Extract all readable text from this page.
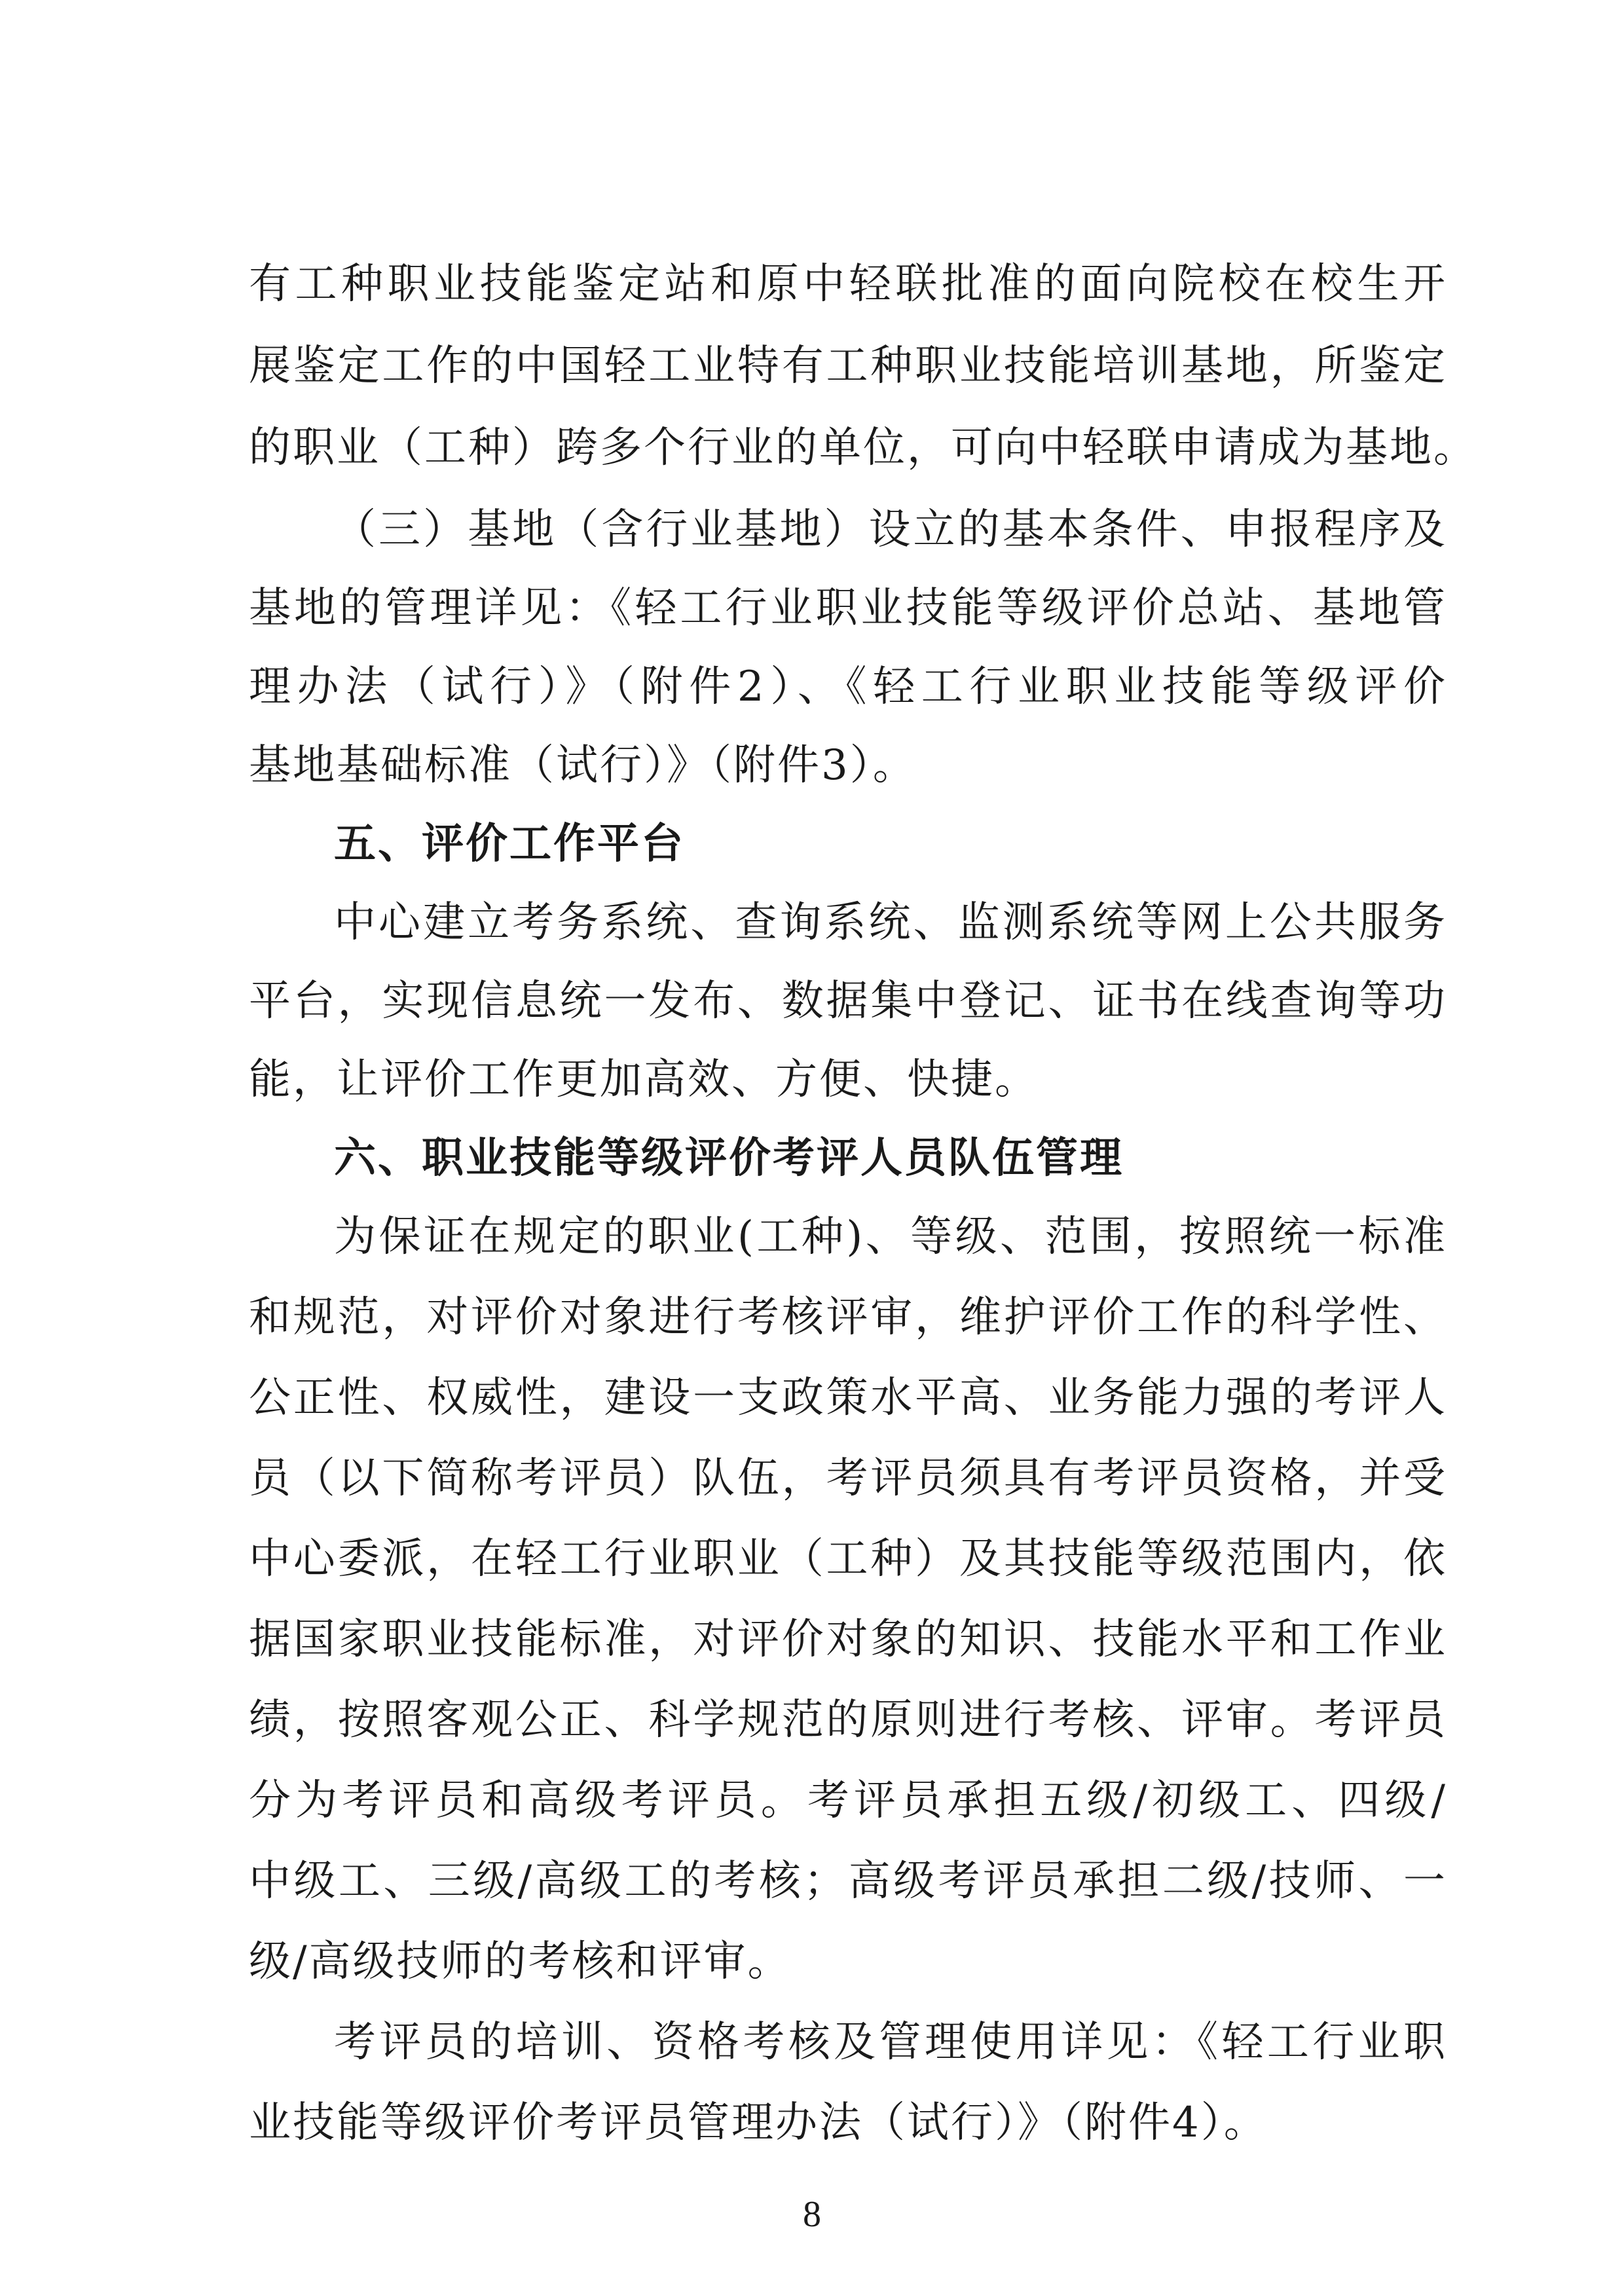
有工种职业技能鉴定站和原中轻联批准的面向院校在校生开
展鉴定工作的中国轻工业特有工种职业技能培训基地，所鉴定
的职业（工种）跨多个行业的单位，可向中轻联申请成为基地。
（三）基地（含行业基地）设立的基本条件、申报程序及
基地的管理详见：《轻工行业职业技能等级评价总站、基地管
理办法（试行）》（附件2）、《轻工行业职业技能等级评价
基地基础标准（试行）》（附件3）。
五、评价工作平台
中心建立考务系统、查询系统、监测系统等网上公共服务
平台，实现信息统一发布、数据集中登记、证书在线查询等功
能，让评价工作更加高效、方便、快捷。
六、职业技能等级评价考评人员队伍管理
为保证在规定的职业(工种)、等级、范围，按照统一标准
和规范，对评价对象进行考核评审，维护评价工作的科学性、
公正性、权威性，建设一支政策水平高、业务能力强的考评人
员（以下简称考评员）队伍，考评员须具有考评员资格，并受
中心委派，在轻工行业职业（工种）及其技能等级范围内，依
据国家职业技能标准，对评价对象的知识、技能水平和工作业
绩，按照客观公正、科学规范的原则进行考核、评审。考评员
分为考评员和高级考评员。考评员承担五级/初级工、四级/
中级工、三级/高级工的考核；高级考评员承担二级/技师、一
级/高级技师的考核和评审。
考评员的培训、资格考核及管理使用详见：《轻工行业职
业技能等级评价考评员管理办法（试行）》（附件4）。
8
